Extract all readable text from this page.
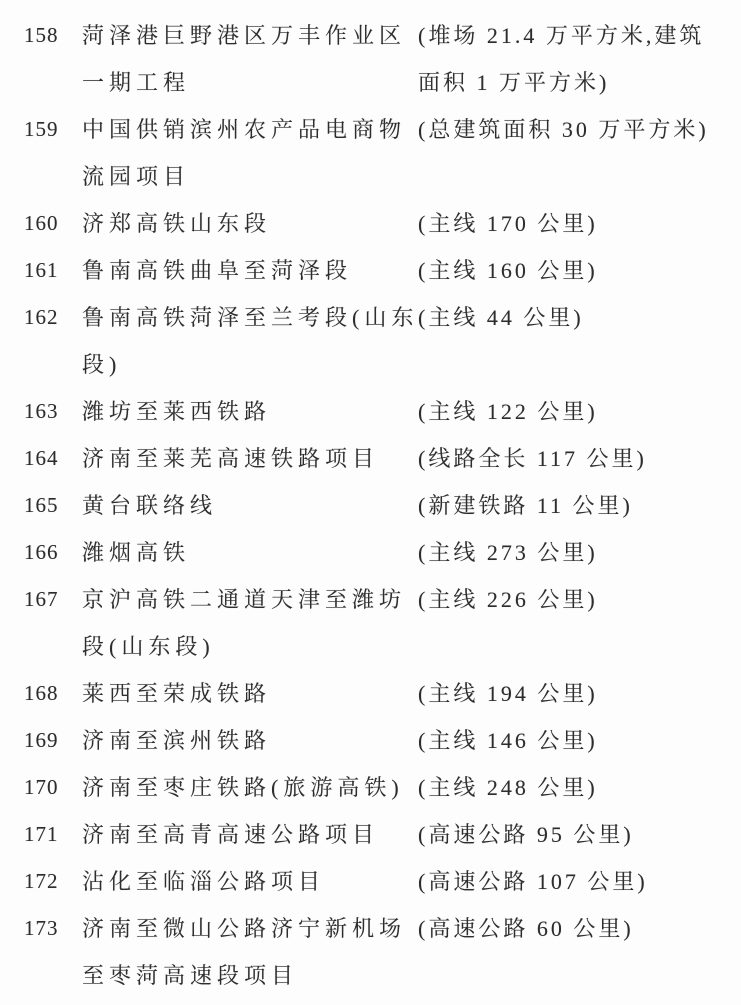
158	菏泽港巨野港区万丰作业区
一期工程
(堆场 21.4 万平方米,建筑
面积 1 万平方米)
159	中国供销滨州农产品电商物
流园项目
(总建筑面积 30 万平方米)
160	济郑高铁山东段	(主线 170 公里)
161	鲁南高铁曲阜至菏泽段	(主线 160 公里)
162	鲁南高铁菏泽至兰考段(山东
段)
(主线 44 公里)
163	潍坊至莱西铁路	(主线 122 公里)
164	济南至莱芜高速铁路项目	(线路全长 117 公里)
165	黄台联络线	(新建铁路 11 公里)
166	潍烟高铁	(主线 273 公里)
167	京沪高铁二通道天津至潍坊
段(山东段)
(主线 226 公里)
168	莱西至荣成铁路	(主线 194 公里)
169	济南至滨州铁路	(主线 146 公里)
170	济南至枣庄铁路(旅游高铁) (主线 248 公里)
171	济南至高青高速公路项目	(高速公路 95 公里)
172	沾化至临淄公路项目	(高速公路 107 公里)
173	济南至微山公路济宁新机场
至枣菏高速段项目
(高速公路 60 公里)
